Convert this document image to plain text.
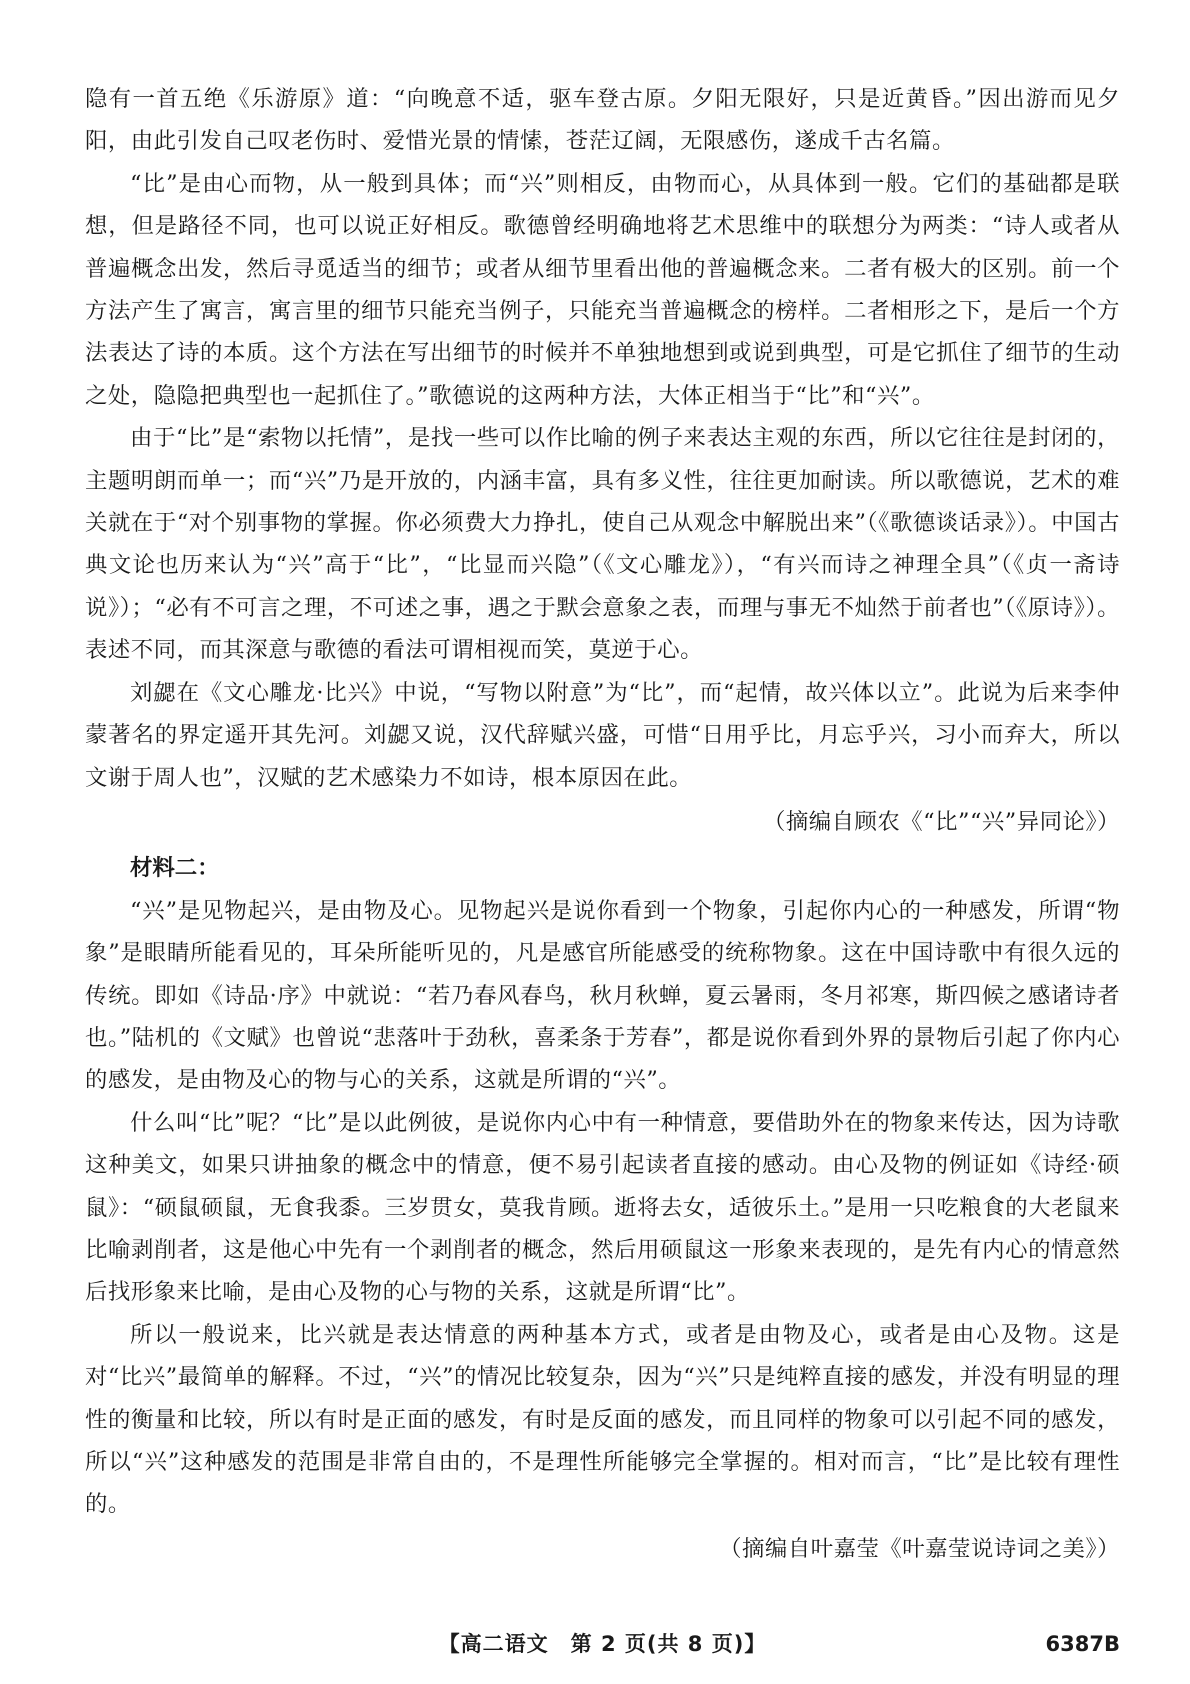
隐有一首五绝《乐游原》道：“向晚意不适，驱车登古原。夕阳无限好，只是近黄昏。”因出游而见夕阳，由此引发自己叹老伤时、爱惜光景的情愫，苍茫辽阔，无限感伤，遂成千古名篇。

“比”是由心而物，从一般到具体；而“兴”则相反，由物而心，从具体到一般。它们的基础都是联想，但是路径不同，也可以说正好相反。歌德曾经明确地将艺术思维中的联想分为两类：“诗人或者从普遍概念出发，然后寻觅适当的细节；或者从细节里看出他的普遍概念来。二者有极大的区别。前一个方法产生了寓言，寓言里的细节只能充当例子，只能充当普遍概念的榜样。二者相形之下，是后一个方法表达了诗的本质。这个方法在写出细节的时候并不单独地想到或说到典型，可是它抓住了细节的生动之处，隐隐把典型也一起抓住了。”歌德说的这两种方法，大体正相当于“比”和“兴”。

由于“比”是“索物以托情”，是找一些可以作比喻的例子来表达主观的东西，所以它往往是封闭的，主题明朗而单一；而“兴”乃是开放的，内涵丰富，具有多义性，往往更加耐读。所以歌德说，艺术的难关就在于“对个别事物的掌握。你必须费大力挣扎，使自己从观念中解脱出来”（《歌德谈话录》）。中国古典文论也历来认为“兴”高于“比”，“比显而兴隐”（《文心雕龙》），“有兴而诗之神理全具”（《贞一斋诗说》）；“必有不可言之理，不可述之事，遇之于默会意象之表，而理与事无不灿然于前者也”（《原诗》）。表述不同，而其深意与歌德的看法可谓相视而笑，莫逆于心。

刘勰在《文心雕龙·比兴》中说，“写物以附意”为“比”，而“起情，故兴体以立”。此说为后来李仲蒙著名的界定遥开其先河。刘勰又说，汉代辞赋兴盛，可惜“日用乎比，月忘乎兴，习小而弃大，所以文谢于周人也”，汉赋的艺术感染力不如诗，根本原因在此。

（摘编自顾农《“比”“兴”异同论》）

材料二：

“兴”是见物起兴，是由物及心。见物起兴是说你看到一个物象，引起你内心的一种感发，所谓“物象”是眼睛所能看见的，耳朵所能听见的，凡是感官所能感受的统称物象。这在中国诗歌中有很久远的传统。即如《诗品·序》中就说：“若乃春风春鸟，秋月秋蝉，夏云暑雨，冬月祁寒，斯四候之感诸诗者也。”陆机的《文赋》也曾说“悲落叶于劲秋，喜柔条于芳春”，都是说你看到外界的景物后引起了你内心的感发，是由物及心的物与心的关系，这就是所谓的“兴”。

什么叫“比”呢？“比”是以此例彼，是说你内心中有一种情意，要借助外在的物象来传达，因为诗歌这种美文，如果只讲抽象的概念中的情意，便不易引起读者直接的感动。由心及物的例证如《诗经·硕鼠》：“硕鼠硕鼠，无食我黍。三岁贯女，莫我肯顾。逝将去女，适彼乐土。”是用一只吃粮食的大老鼠来比喻剥削者，这是他心中先有一个剥削者的概念，然后用硕鼠这一形象来表现的，是先有内心的情意然后找形象来比喻，是由心及物的心与物的关系，这就是所谓“比”。

所以一般说来，比兴就是表达情意的两种基本方式，或者是由物及心，或者是由心及物。这是对“比兴”最简单的解释。不过，“兴”的情况比较复杂，因为“兴”只是纯粹直接的感发，并没有明显的理性的衡量和比较，所以有时是正面的感发，有时是反面的感发，而且同样的物象可以引起不同的感发，所以“兴”这种感发的范围是非常自由的，不是理性所能够完全掌握的。相对而言，“比”是比较有理性的。

（摘编自叶嘉莹《叶嘉莹说诗词之美》）

【高二语文　第 2 页(共 8 页)】	6387B
